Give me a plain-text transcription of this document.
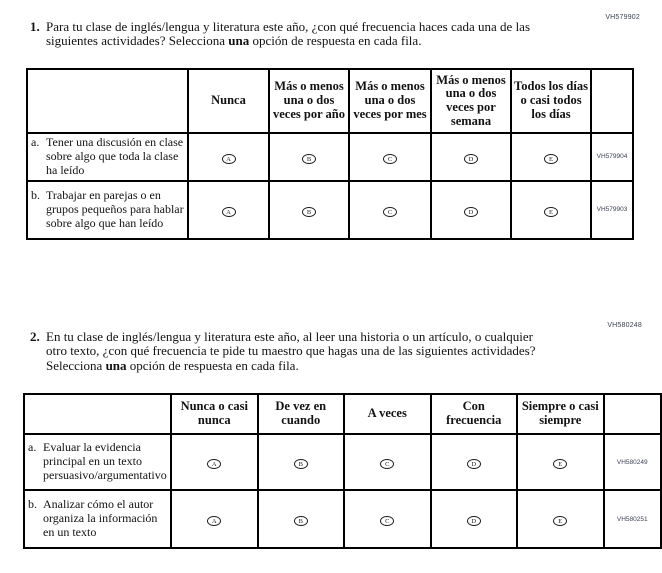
VH579902
1. Para tu clase de inglés/lengua y literatura este año, ¿con qué frecuencia haces cada una de las siguientes actividades? Selecciona una opción de respuesta en cada fila.
	Nunca	Más o menos una o dos veces por año	Más o menos una o dos veces por mes	Más o menos una o dos veces por semana	Todos los días o casi todos los días	

a. Tener una discusión en clase sobre algo que toda la clase ha leído	A	B	C	D	E	VH579904

b. Trabajar en parejas o en grupos pequeños para hablar sobre algo que han leído	A	B	C	D	E	VH579903
VH580248
2. En tu clase de inglés/lengua y literatura este año, al leer una historia o un artículo, o cualquier otro texto, ¿con qué frecuencia te pide tu maestro que hagas una de las siguientes actividades? Selecciona una opción de respuesta en cada fila.
	Nunca o casi nunca	De vez en cuando	A veces	Con frecuencia	Siempre o casi siempre	

a. Evaluar la evidencia principal en un texto persuasivo/argumentativo	A	B	C	D	E	VH580249

b. Analizar cómo el autor organiza la información en un texto	A	B	C	D	E	VH580251
